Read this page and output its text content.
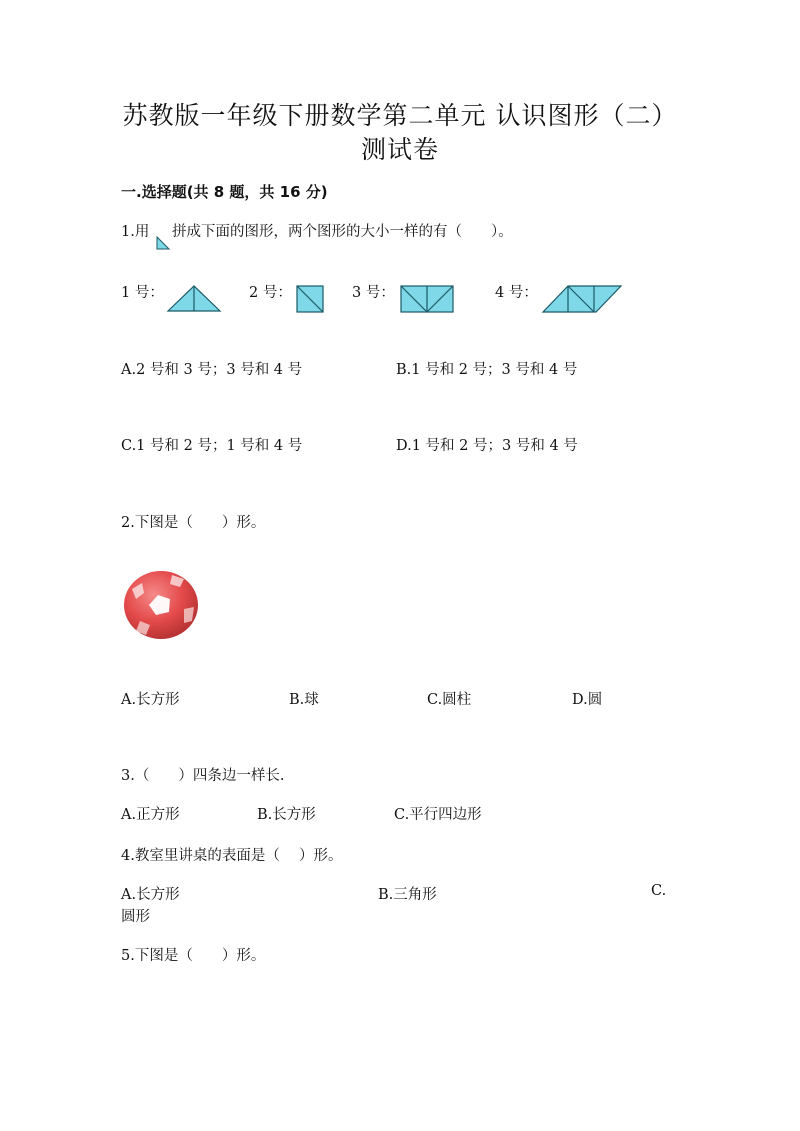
苏教版一年级下册数学第二单元 认识图形（二）
测试卷
一.选择题(共 8 题，共 16 分)
1.用 拼成下面的图形，两个图形的大小一样的有（　　）。
1 号：	2 号：	3 号：	4 号：
A.2 号和 3 号；3 号和 4 号	B.1 号和 2 号；3 号和 4 号
C.1 号和 2 号；1 号和 4 号	D.1 号和 2 号；3 号和 4 号
2.下图是（　　）形。
A.长方形	B.球	C.圆柱	D.圆
3.（　　）四条边一样长.
A.正方形	B.长方形	C.平行四边形
4.教室里讲桌的表面是（　 ）形。
A.长方形	B.三角形	C.
圆形
5.下图是（　　）形。
